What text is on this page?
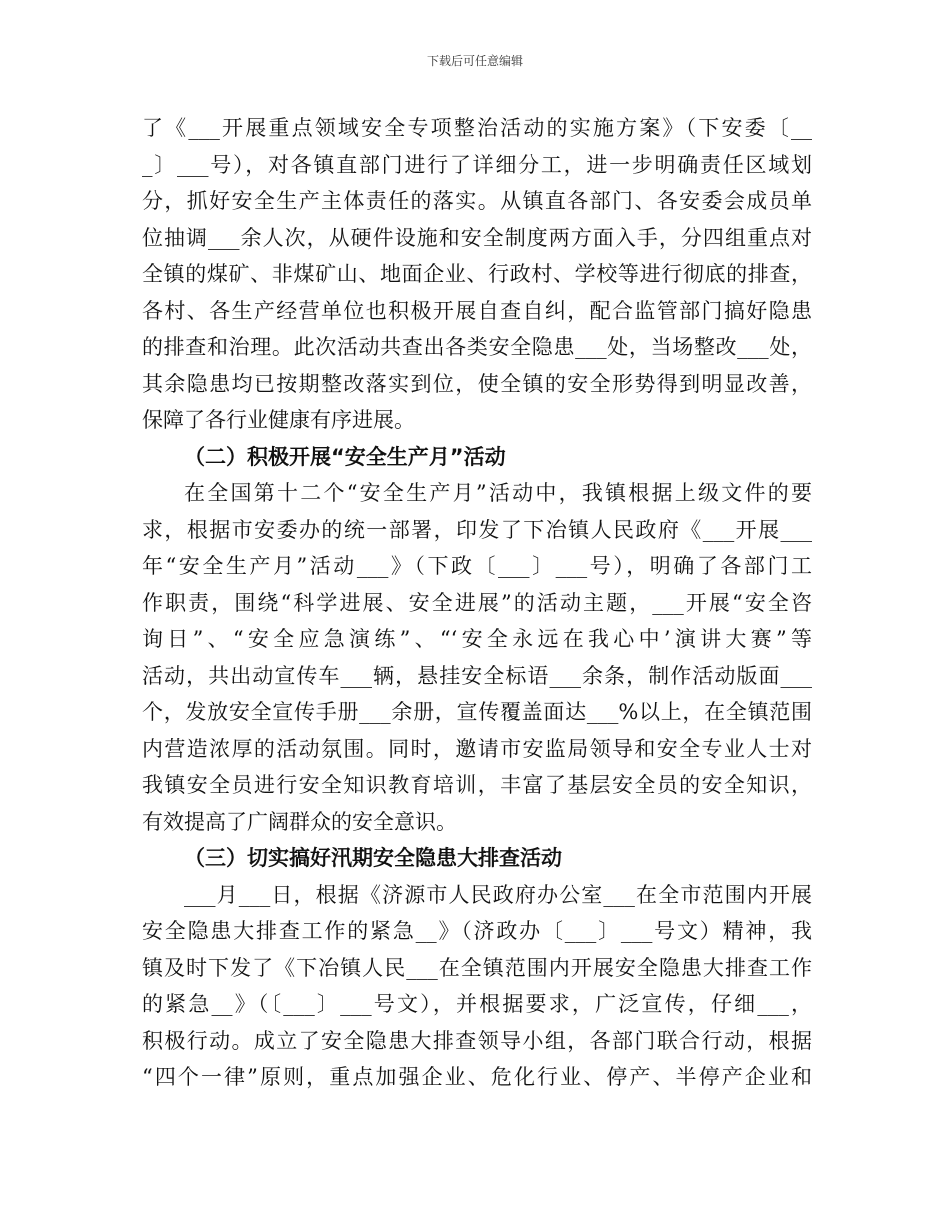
下载后可任意编辑
了《___开展重点领域安全专项整治活动的实施方案》（下安委〔__
_〕___号），对各镇直部门进行了详细分工，进一步明确责任区域划
分，抓好安全生产主体责任的落实。从镇直各部门、各安委会成员单
位抽调___余人次，从硬件设施和安全制度两方面入手，分四组重点对
全镇的煤矿、非煤矿山、地面企业、行政村、学校等进行彻底的排查，
各村、各生产经营单位也积极开展自查自纠，配合监管部门搞好隐患
的排查和治理。此次活动共查出各类安全隐患___处，当场整改___处，
其余隐患均已按期整改落实到位，使全镇的安全形势得到明显改善，
保障了各行业健康有序进展。
（二）积极开展“安全生产月”活动
在全国第十二个“安全生产月”活动中，我镇根据上级文件的要
求，根据市安委办的统一部署，印发了下冶镇人民政府《___开展___
年“安全生产月”活动___》（下政〔___〕___号），明确了各部门工
作职责，围绕“科学进展、安全进展”的活动主题，___开展“安全咨
询日”、“安全应急演练”、“‘安全永远在我心中’演讲大赛”等
活动，共出动宣传车___辆，悬挂安全标语___余条，制作活动版面___
个，发放安全宣传手册___余册，宣传覆盖面达___%以上，在全镇范围
内营造浓厚的活动氛围。同时，邀请市安监局领导和安全专业人士对
我镇安全员进行安全知识教育培训，丰富了基层安全员的安全知识，
有效提高了广阔群众的安全意识。
（三）切实搞好汛期安全隐患大排查活动
___月___日，根据《济源市人民政府办公室___在全市范围内开展
安全隐患大排查工作的紧急__》（济政办〔___〕___号文）精神，我
镇及时下发了《下冶镇人民___在全镇范围内开展安全隐患大排查工作
的紧急__》（〔___〕___号文），并根据要求，广泛宣传，仔细___，
积极行动。成立了安全隐患大排查领导小组，各部门联合行动，根据
“四个一律”原则，重点加强企业、危化行业、停产、半停产企业和
